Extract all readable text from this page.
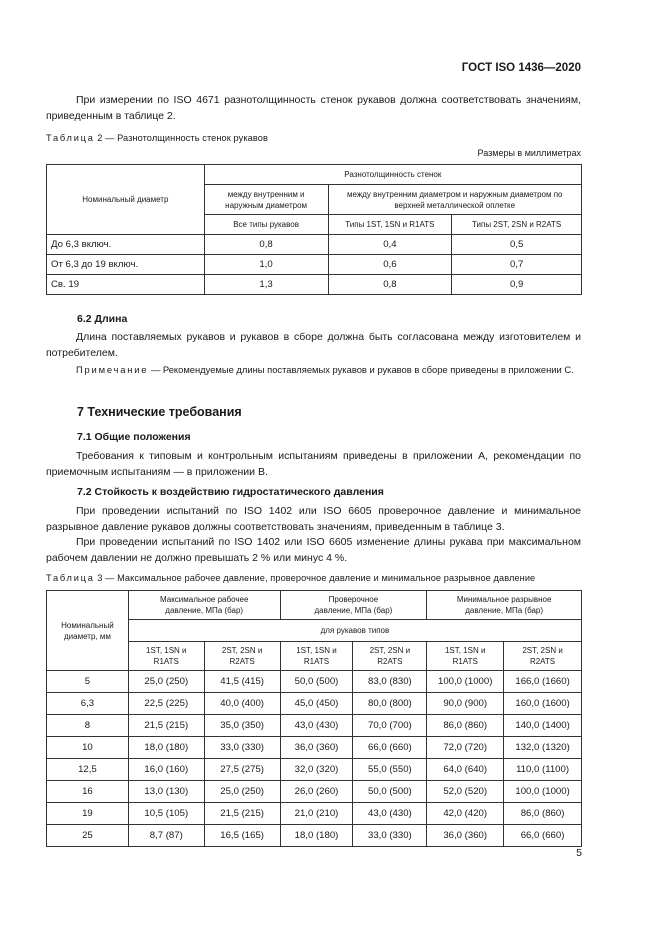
ГОСТ ISO 1436—2020
При измерении по ISO 4671 разнотолщинность стенок рукавов должна соответствовать значениям, приведенным в таблице 2.
Таблица 2 — Разнотолщинность стенок рукавов
Размеры в миллиметрах
Номинальный диаметр	Разнотолщинность стенок		
	между внутренним и наружным диаметром	между внутренним диаметром и наружным диаметром по верхней металлической оплетке	
	Все типы рукавов	Типы 1ST, 1SN и R1ATS	Типы 2ST, 2SN и R2ATS
До 6,3 включ.	0,8	0,4	0,5
От 6,3 до 19 включ.	1,0	0,6	0,7
Св. 19	1,3	0,8	0,9
6.2 Длина
Длина поставляемых рукавов и рукавов в сборе должна быть согласована между изготовителем и потребителем.
Примечание — Рекомендуемые длины поставляемых рукавов и рукавов в сборе приведены в приложении С.
7 Технические требования
7.1 Общие положения
Требования к типовым и контрольным испытаниям приведены в приложении А, рекомендации по приемочным испытаниям — в приложении В.
7.2 Стойкость к воздействию гидростатического давления
При проведении испытаний по ISO 1402 или ISO 6605 проверочное давление и минимальное разрывное давление рукавов должны соответствовать значениям, приведенным в таблице 3.
При проведении испытаний по ISO 1402 или ISO 6605 изменение длины рукава при максимальном рабочем давлении не должно превышать 2 % или минус 4 %.
Таблица 3 — Максимальное рабочее давление, проверочное давление и минимальное разрывное давление
Номинальный диаметр, мм	Максимальное рабочее давление, МПа (бар)		Проверочное давление, МПа (бар)		Минимальное разрывное давление, МПа (бар)	
	для рукавов типов					
	1ST, 1SN и R1ATS	2ST, 2SN и R2ATS	1ST, 1SN и R1ATS	2ST, 2SN и R2ATS	1ST, 1SN и R1ATS	2ST, 2SN и R2ATS
5	25,0 (250)	41,5 (415)	50,0 (500)	83,0 (830)	100,0 (1000)	166,0 (1660)
6,3	22,5 (225)	40,0 (400)	45,0 (450)	80,0 (800)	90,0 (900)	160,0 (1600)
8	21,5 (215)	35,0 (350)	43,0 (430)	70,0 (700)	86,0 (860)	140,0 (1400)
10	18,0 (180)	33,0 (330)	36,0 (360)	66,0 (660)	72,0 (720)	132,0 (1320)
12,5	16,0 (160)	27,5 (275)	32,0 (320)	55,0 (550)	64,0 (640)	110,0 (1100)
16	13,0 (130)	25,0 (250)	26,0 (260)	50,0 (500)	52,0 (520)	100,0 (1000)
19	10,5 (105)	21,5 (215)	21,0 (210)	43,0 (430)	42,0 (420)	86,0 (860)
25	8,7 (87)	16,5 (165)	18,0 (180)	33,0 (330)	36,0 (360)	66,0 (660)
5
